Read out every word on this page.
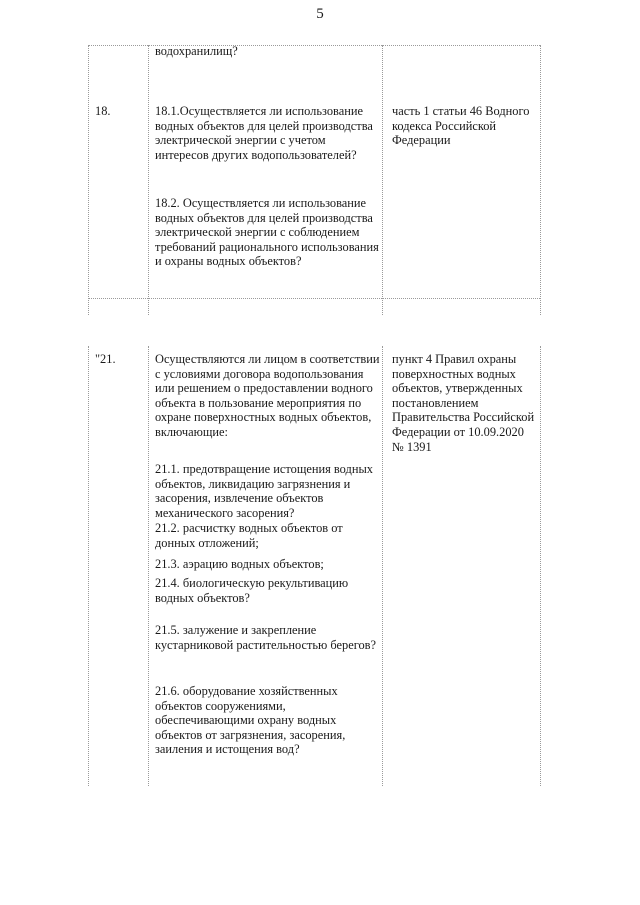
5
водохранилищ?
18.	18.1.Осуществляется ли использование водных объектов для целей производства электрической энергии с учетом интересов других водопользователей?
18.2. Осуществляется ли использование водных объектов для целей производства электрической энергии с соблюдением требований рационального использования и охраны водных объектов?
часть 1 статьи 46 Водного кодекса Российской Федерации
"21.	Осуществляются ли лицом в соответствии с условиями договора водопользования или решением о предоставлении водного объекта в пользование мероприятия по охране поверхностных водных объектов, включающие:
21.1. предотвращение истощения водных объектов, ликвидацию загрязнения и засорения, извлечение объектов механического засорения?
21.2. расчистку водных объектов от донных отложений;
21.3. аэрацию водных объектов;
21.4. биологическую рекультивацию водных объектов?
21.5. залужение и закрепление кустарниковой растительностью берегов?
21.6. оборудование хозяйственных объектов сооружениями, обеспечивающими охрану водных объектов от загрязнения, засорения, заиления и истощения вод?
пункт 4 Правил охраны поверхностных водных объектов, утвержденных постановлением Правительства Российской Федерации от 10.09.2020 № 1391
